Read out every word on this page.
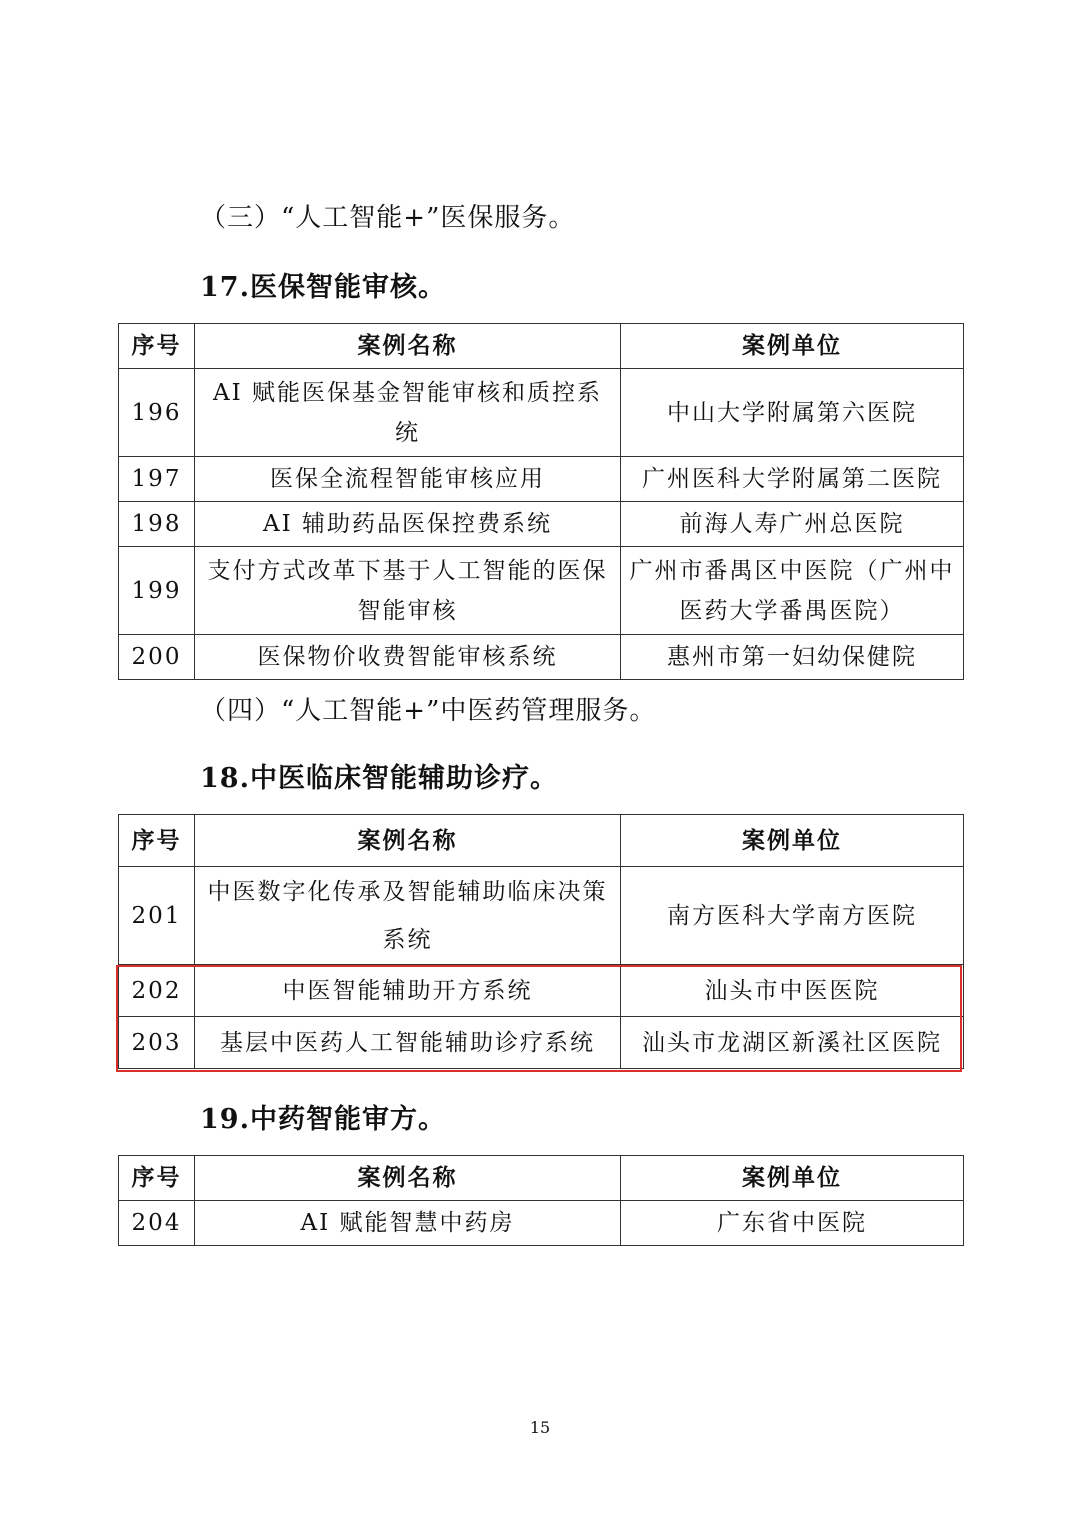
（三）“人工智能+”医保服务。
17.医保智能审核。
序号	案例名称	案例单位
196	AI 赋能医保基金智能审核和质控系统	中山大学附属第六医院
197	医保全流程智能审核应用	广州医科大学附属第二医院
198	AI 辅助药品医保控费系统	前海人寿广州总医院
199	支付方式改革下基于人工智能的医保智能审核	广州市番禺区中医院（广州中医药大学番禺医院）
200	医保物价收费智能审核系统	惠州市第一妇幼保健院
（四）“人工智能+”中医药管理服务。
18.中医临床智能辅助诊疗。
序号	案例名称	案例单位
201	中医数字化传承及智能辅助临床决策系统	南方医科大学南方医院
202	中医智能辅助开方系统	汕头市中医医院
203	基层中医药人工智能辅助诊疗系统	汕头市龙湖区新溪社区医院
19.中药智能审方。
序号	案例名称	案例单位
204	AI 赋能智慧中药房	广东省中医院
15
